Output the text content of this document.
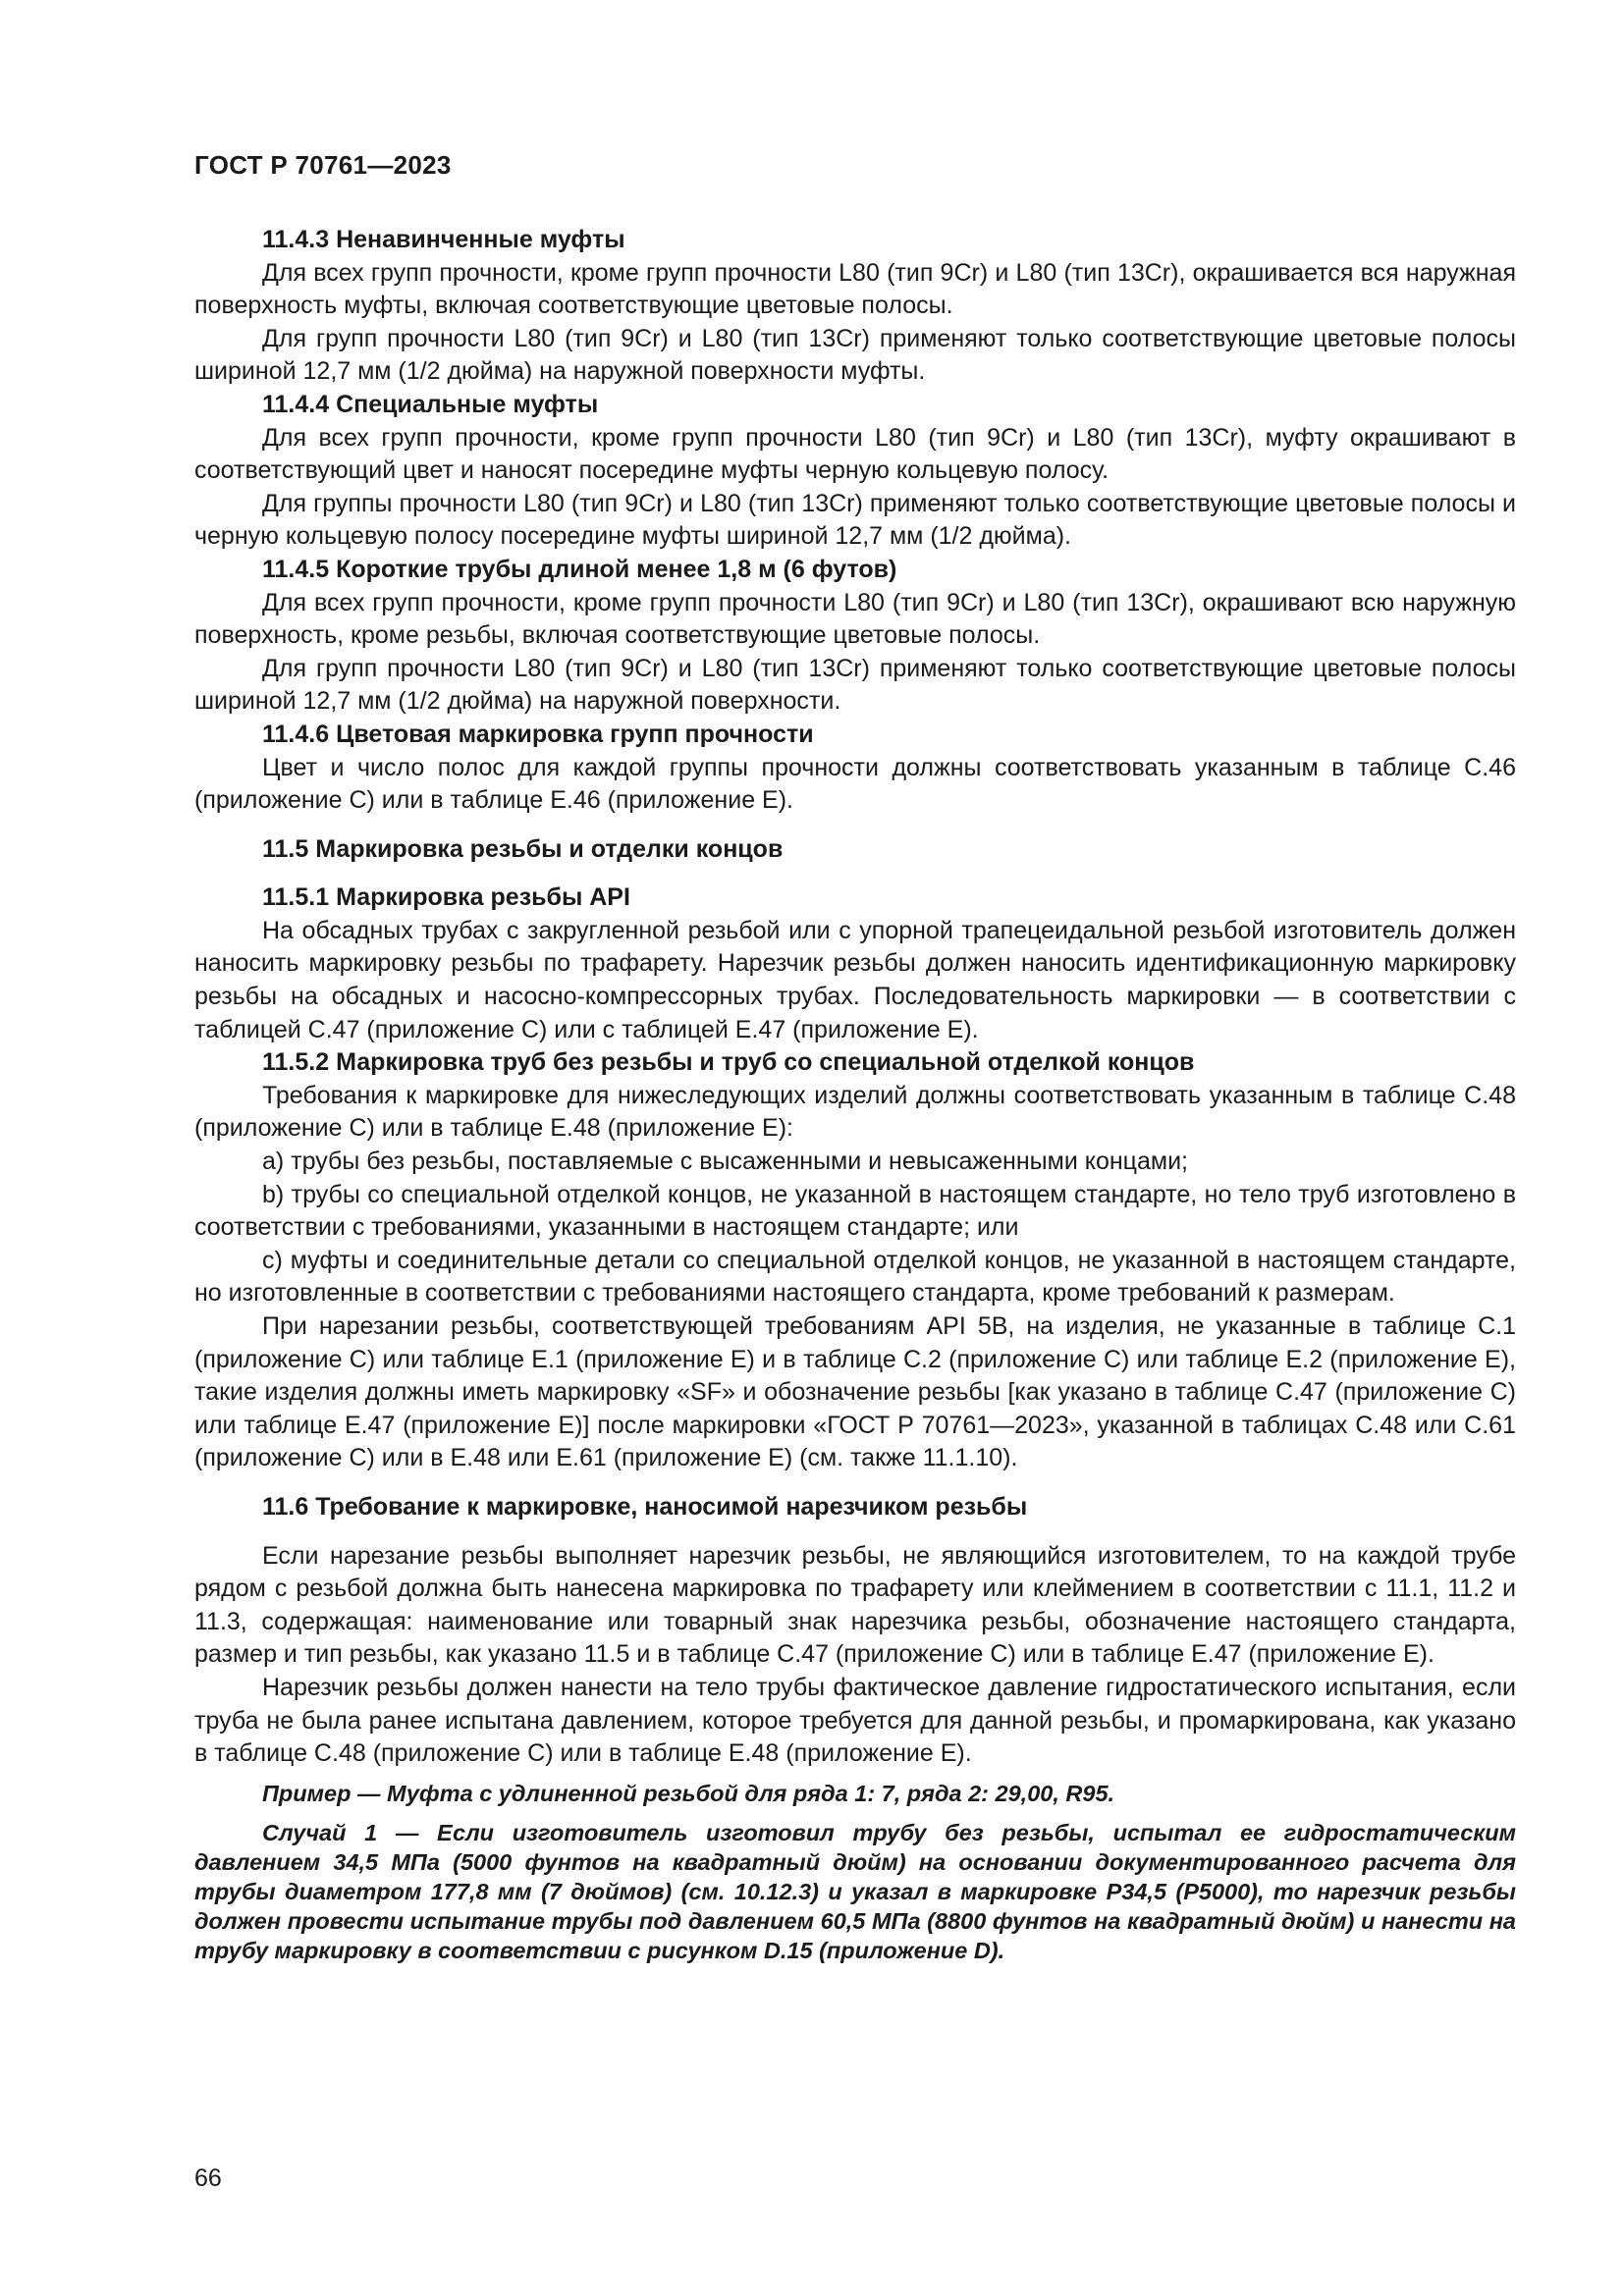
ГОСТ Р 70761—2023

11.4.3 Ненавинченные муфты

Для всех групп прочности, кроме групп прочности L80 (тип 9Cr) и L80 (тип 13Cr), окрашивается вся наружная поверхность муфты, включая соответствующие цветовые полосы.

Для групп прочности L80 (тип 9Cr) и L80 (тип 13Cr) применяют только соответствующие цветовые полосы шириной 12,7 мм (1/2 дюйма) на наружной поверхности муфты.

11.4.4 Специальные муфты

Для всех групп прочности, кроме групп прочности L80 (тип 9Cr) и L80 (тип 13Cr), муфту окрашивают в соответствующий цвет и наносят посередине муфты черную кольцевую полосу.

Для группы прочности L80 (тип 9Cr) и L80 (тип 13Cr) применяют только соответствующие цветовые полосы и черную кольцевую полосу посередине муфты шириной 12,7 мм (1/2 дюйма).

11.4.5 Короткие трубы длиной менее 1,8 м (6 футов)

Для всех групп прочности, кроме групп прочности L80 (тип 9Cr) и L80 (тип 13Cr), окрашивают всю наружную поверхность, кроме резьбы, включая соответствующие цветовые полосы.

Для групп прочности L80 (тип 9Cr) и L80 (тип 13Cr) применяют только соответствующие цветовые полосы шириной 12,7 мм (1/2 дюйма) на наружной поверхности.

11.4.6 Цветовая маркировка групп прочности

Цвет и число полос для каждой группы прочности должны соответствовать указанным в таблице С.46 (приложение С) или в таблице Е.46 (приложение Е).

11.5 Маркировка резьбы и отделки концов

11.5.1 Маркировка резьбы API

На обсадных трубах с закругленной резьбой или с упорной трапецеидальной резьбой изготовитель должен наносить маркировку резьбы по трафарету. Нарезчик резьбы должен наносить идентификационную маркировку резьбы на обсадных и насосно-компрессорных трубах. Последовательность маркировки — в соответствии с таблицей С.47 (приложение С) или с таблицей Е.47 (приложение Е).

11.5.2 Маркировка труб без резьбы и труб со специальной отделкой концов

Требования к маркировке для нижеследующих изделий должны соответствовать указанным в таблице С.48 (приложение С) или в таблице Е.48 (приложение Е):

а) трубы без резьбы, поставляемые с высаженными и невысаженными концами;

b) трубы со специальной отделкой концов, не указанной в настоящем стандарте, но тело труб изготовлено в соответствии с требованиями, указанными в настоящем стандарте; или

с) муфты и соединительные детали со специальной отделкой концов, не указанной в настоящем стандарте, но изготовленные в соответствии с требованиями настоящего стандарта, кроме требований к размерам.

При нарезании резьбы, соответствующей требованиям API 5B, на изделия, не указанные в таблице С.1 (приложение С) или таблице Е.1 (приложение Е) и в таблице С.2 (приложение С) или таблице Е.2 (приложение Е), такие изделия должны иметь маркировку «SF» и обозначение резьбы [как указано в таблице С.47 (приложение С) или таблице Е.47 (приложение Е)] после маркировки «ГОСТ Р 70761—2023», указанной в таблицах С.48 или С.61 (приложение С) или в Е.48 или Е.61 (приложение Е) (см. также 11.1.10).

11.6 Требование к маркировке, наносимой нарезчиком резьбы

Если нарезание резьбы выполняет нарезчик резьбы, не являющийся изготовителем, то на каждой трубе рядом с резьбой должна быть нанесена маркировка по трафарету или клеймением в соответствии с 11.1, 11.2 и 11.3, содержащая: наименование или товарный знак нарезчика резьбы, обозначение настоящего стандарта, размер и тип резьбы, как указано 11.5 и в таблице С.47 (приложение С) или в таблице Е.47 (приложение Е).

Нарезчик резьбы должен нанести на тело трубы фактическое давление гидростатического испытания, если труба не была ранее испытана давлением, которое требуется для данной резьбы, и промаркирована, как указано в таблице С.48 (приложение С) или в таблице Е.48 (приложение Е).

Пример — Муфта с удлиненной резьбой для ряда 1: 7, ряда 2: 29,00, R95.

Случай 1 — Если изготовитель изготовил трубу без резьбы, испытал ее гидростатическим давлением 34,5 МПа (5000 фунтов на квадратный дюйм) на основании документированного расчета для трубы диаметром 177,8 мм (7 дюймов) (см. 10.12.3) и указал в маркировке Р34,5 (Р5000), то нарезчик резьбы должен провести испытание трубы под давлением 60,5 МПа (8800 фунтов на квадратный дюйм) и нанести на трубу маркировку в соответствии с рисунком D.15 (приложение D).

66
